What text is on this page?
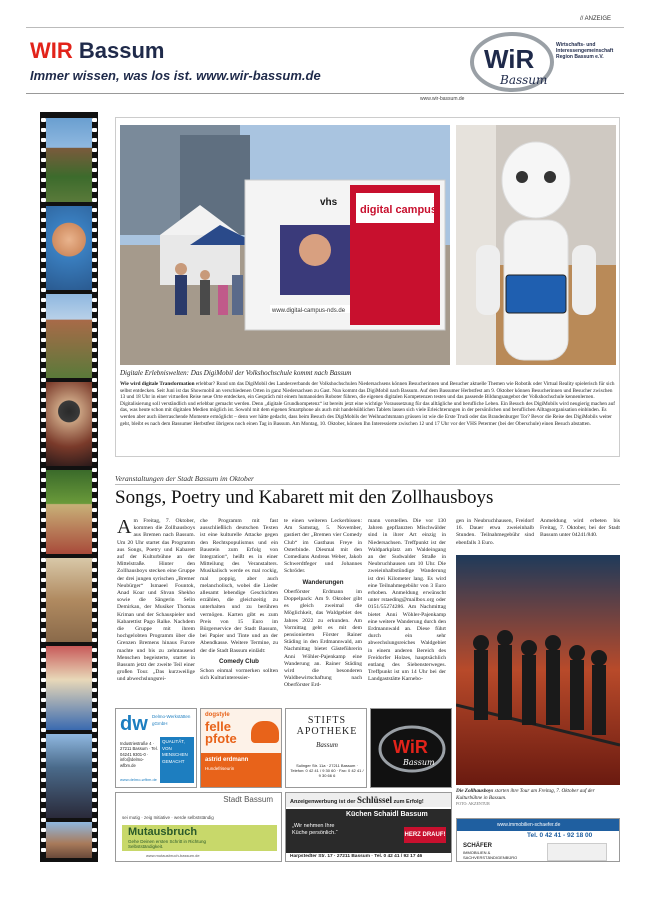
// ANZEIGE
WIR Bassum
Immer wissen, was los ist. www.wir-bassum.de
WiR
Bassum
Wirtschafts- und Interessengemeinschaft Region Bassum e.V.
www.wir-bassum.de
digital campus
vhs
www.digital-campus-nds.de
Digitale Erlebniswelten: Das DigiMobil der Volkshochschule kommt nach Bassum
Wie wird digitale Transformation erlebbar? Rund um das DigiMobil des Landesverbands der Volkshochschulen Niedersachsens können Besucherinnen und Besucher aktuelle Themen wie Robotik oder Virtual Reality spielerisch für sich selbst entdecken. Seit Juni ist das Showmobil an verschiedenen Orten in ganz Niedersachsen zu Gast. Nun kommt das DigiMobil nach Bassum. Auf dem Bassumer Herbstfest am 9. Oktober können Besucherinnen und Besucher zwischen 13 und 18 Uhr in einer virtuellen Reise neue Orte entdecken, ein Gespräch mit einem humanoiden Roboter führen, die eigenen digitalen Kompetenzen testen und das passende Bildungsangebot der Volkshochschule kennenlernen. Digitalisierung soll verständlich und erlebbar gemacht werden. Denn „digitale Grundkompetenz“ ist bereits jetzt eine wichtige Voraussetzung für das alltägliche und berufliche Leben. Ein Besuch des DigiMobils wird neugierig machen auf das, was heute schon mit digitalen Medien möglich ist. Sowohl mit dem eigenen Smartphone als auch mit handelsüblichen Tablets lassen sich viele Erleichterungen in der persönlichen und beruflichen Alltagsorganisation einbinden. Es werden aber auch überraschende Momente ermöglicht – denn wer hätte gedacht, dass beim Besuch des DigiMobils der Weihnachtsmann grüssen ist wie die Erste Trudi oder das Brandenburger Tor? Bevor die Reise des DigiMobils weiter geht, bleibt es nach dem Bassumer Herbstfest übrigens noch einen Tag in Bassum. Am Montag, 10. Oktober, können Ihn Interessierte zwischen 12 und 17 Uhr vor der VHS Petermer (bei der Oberschule) einen Besuch abstatten.
Veranstaltungen der Stadt Bassum im Oktober
Songs, Poetry und Kabarett mit den Zollhausboys
Am Freitag, 7. Oktober, kommen die Zollhausboys aus Bremen nach Bassum. Um 20 Uhr startet das Programm aus Songs, Poetry und Kabarett auf der Kulturbühne an der Mittelstraße. Hinter den Zollhausboys stecken eine Gruppe der drei jungen syrischen „Bremer Neubürger“ Ismaeel Fountok, Anad Koar und Shvan Shekho sowie die Sängerin Selin Demirkan, der Musiker Thomas Kriman und der Schauspieler und Kabarettist Pago Ralke. Nachdem die Gruppe mit ihrem hochgelobten Programm über die Grenzen Bremens hinaus Furore machte und bis zu zehntausend Menschen begeisterte, startet in Bassum jetzt der zweite Teil einer großen Tour. „Das kurzweilige und abwechslungsrei-
che Programm mit fast ausschließlich deutschen Texten ist eine kulturelle Attacke gegen den Rechtspopulismus und ein Baustein zum Erfolg von Integration“, heißt es in einer Mitteilung des Veranstalters. Musikalisch werde es mal rockig, mal poppig, aber auch melancholisch, wobei die Lieder allesamt lebendige Geschichten erzählen, die gleichzeitig zu unterhalten und zu berühren vermögen. Karten gibt es zum Preis von 15 Euro im Bürgerservice der Stadt Bassum, bei Papier und Tinte und an der Abendkasse. Weitere Termine, zu der die Stadt Bassum einlädt:
Comedy Club
Schon einmal vormerken sollten sich Kulturinteressier-
te einen weiteren Leckerbissen: Am Samstag, 5. November, gastiert der „Bremen vier Comedy Club“ im Gasthaus Freye in Osterbinde. Diesmal mit den Comedians Andreas Weber, Jakob Schwerdtfeger und Johannes Schröder.
Wanderungen
Oberförster Erdmann im Doppelpack: Am 9. Oktober gibt es gleich zweimal die Möglichkeit, das Waldgebiet des Jahres 2022 zu erkunden. Am Vormittag geht es mit dem pensionierten Förster Rainer Städing in den Erdmannwald, am Nachmittag bietet Gästeführerin Anni Wöhler-Pajenkamp eine Wanderung an. Rainer Städing wird die besonderen Waldbewirtschaftung nach Oberförster Erd-
mann vorstellen. Die vor 130 Jahren gepflanzten Mischwälder sind in ihrer Art einzig in Niedersachsen. Treffpunkt ist der Waldparkplatz am Waldeingang an der Sudwalder Straße in Neubruchhausen um 10 Uhr. Die zweieinhalbstündige Wanderung ist drei Kilometer lang. Es wird eine Teilnahmegebühr von 3 Euro erhoben. Anmeldung erwünscht unter rstaeding@mailbox.org oder 0151/55274286. Am Nachmittag bietet Anni Wöhler-Pajenkamp eine weitere Wanderung durch den Erdmannwald an. Diese führt durch ein sehr abwechslungsreiches Waldgebiet in einem anderen Bereich des Freidorfer Holzes, hauptsächlich entlang des Siebensterweges. Treffpunkt ist um 14 Uhr bei der Landgaststätte Karnebo-
gen in Neubruchhausen, Freidorf 16. Dauer etwa zweieinhalb Stunden. Teilnahmegebühr sind ebenfalls 3 Euro.
Anmeldung wird erbeten bis Freitag, 7. Oktober, bei der Stadt Bassum unter 04241/840.
Die Zollhausboys starten ihre Tour am Freitag, 7. Oktober auf der Kulturbühne in Bassum.
FOTO: AKZENTUR
dw Delmo-Werkstätten gGmbH
QUALITÄT, VON MENSCHEN GEMACHT
Industriestraße 4 · 27211 Bassum · Tel. 04241 9301-0 · info@delmo-wfbm.de
www.delmo-wfbm.de
dogstyle
felle pfote
astrid erdmann
Hundefriseurin
STIFTS APOTHEKE
Bassum
Sulinger Str. 11a · 27211 Bassum · Telefon: 0 42 41 / 9 30 60 · Fax: 0 42 41 / 9 30 66 6
WiR
Bassum
Stadt Bassum
sei mutig · zeig Initiative · werde selbstständig
Mutausbruch
Gehe Deinen ersten Schritt in Richtung Selbstständigkeit.
www.mutausbruch-bassum.de
Anzeigenwerbung ist der Schlüssel zum Erfolg!
Küchen Schaidl Bassum
„Wir nehmen Ihre Küche persönlich.“	HERZ DRAUF!
Harpstedter Str. 17 · 27211 Bassum · Tel. 0 42 41 / 92 17 46
www.immobilien-schaefer.de
Tel. 0 42 41 - 92 18 00
SCHÄFER
IMMOBILIEN & SACHVERSTÄNDIGENBÜRO
